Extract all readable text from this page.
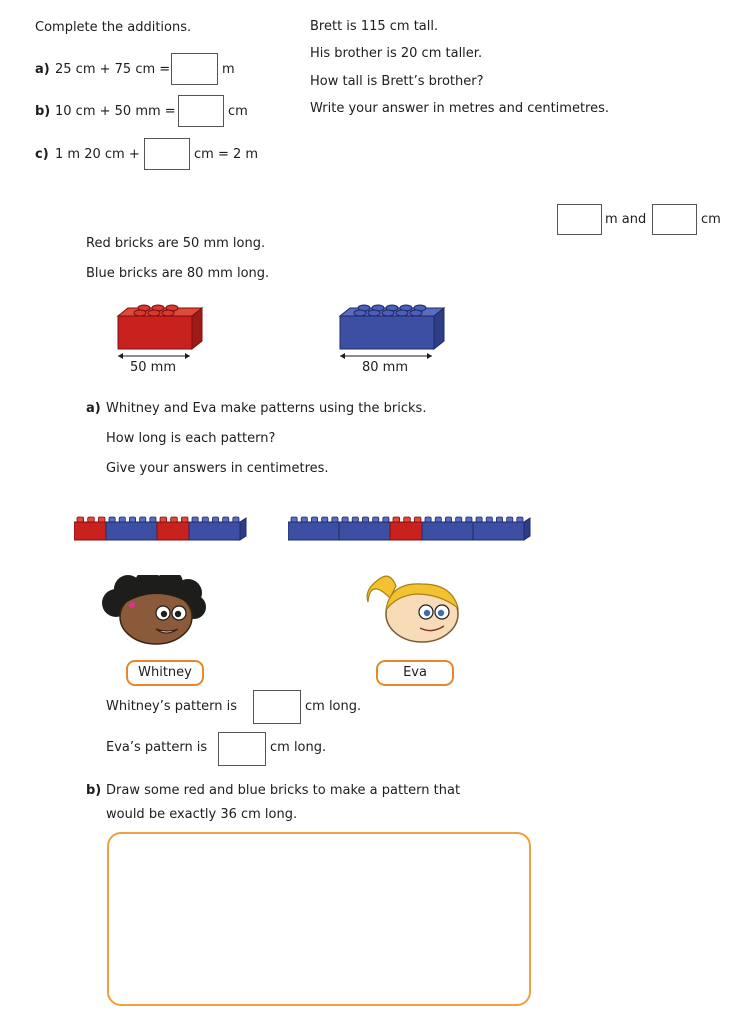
Complete the additions.
a) 25 cm + 75 cm =	m
b) 10 cm + 50 mm =	cm
c) 1 m 20 cm +	cm = 2 m
Brett is 115 cm tall.
His brother is 20 cm taller.
How tall is Brett’s brother?
Write your answer in metres and centimetres.
m and	cm
Red bricks are 50 mm long.
Blue bricks are 80 mm long.
50 mm	80 mm
a) Whitney and Eva make patterns using the bricks.
How long is each pattern?
Give your answers in centimetres.
Whitney	Eva
Whitney’s pattern is	cm long.
Eva’s pattern is	cm long.
b) Draw some red and blue bricks to make a pattern that
would be exactly 36 cm long.
